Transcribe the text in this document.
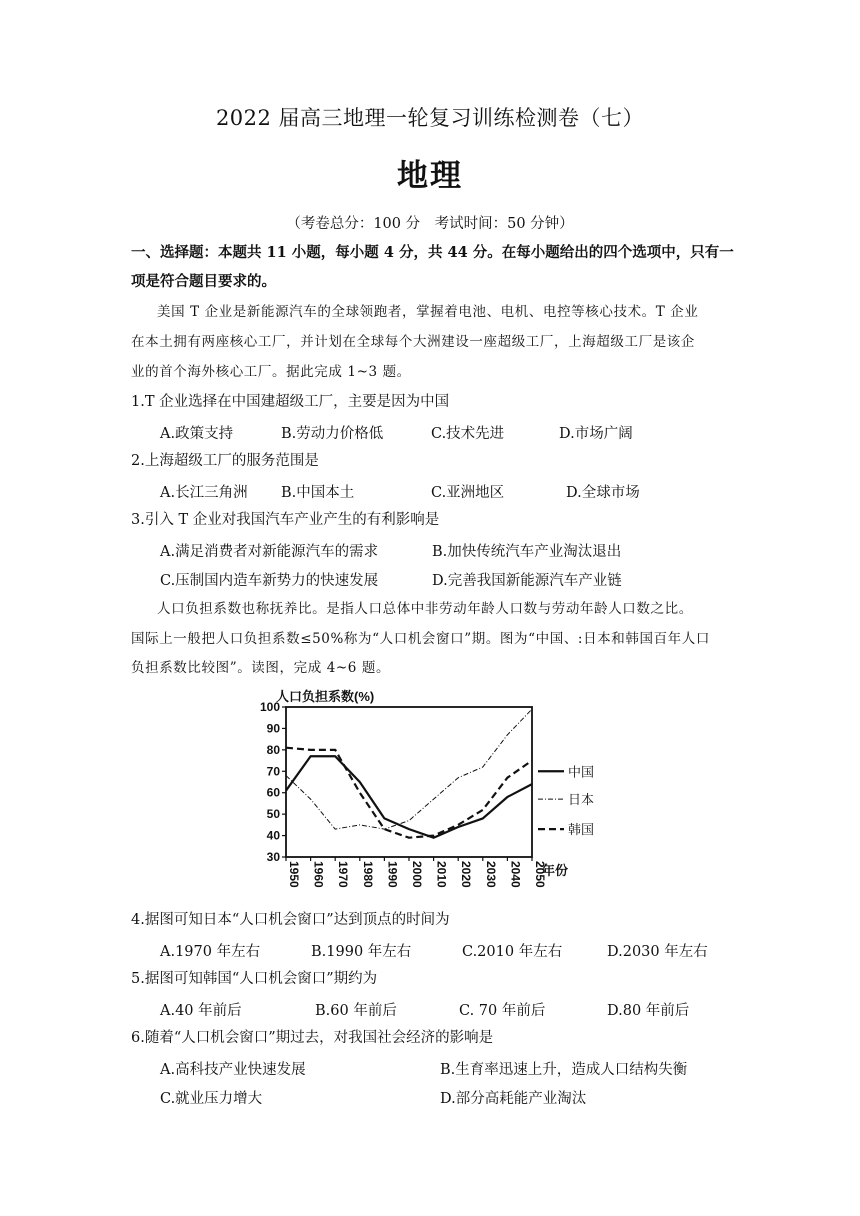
2022 届高三地理一轮复习训练检测卷（七）
地理
（考卷总分：100 分　考试时间：50 分钟）
一、选择题：本题共 11 小题，每小题 4 分，共 44 分。在每小题给出的四个选项中，只有一
项是符合题目要求的。
美国 T 企业是新能源汽车的全球领跑者，掌握着电池、电机、电控等核心技术。T 企业
在本土拥有两座核心工厂，并计划在全球每个大洲建设一座超级工厂，上海超级工厂是该企
业的首个海外核心工厂。据此完成 1~3 题。
1.T 企业选择在中国建超级工厂，主要是因为中国
A.政策支持	B.劳动力价格低	C.技术先进	D.市场广阔
2.上海超级工厂的服务范围是
A.长江三角洲 B.中国本土	C.亚洲地区	D.全球市场
3.引入 T 企业对我国汽车产业产生的有利影响是
A.满足消费者对新能源汽车的需求	B.加快传统汽车产业淘汰退出
C.压制国内造车新势力的快速发展	D.完善我国新能源汽车产业链
人口负担系数也称抚养比。是指人口总体中非劳动年龄人口数与劳动年龄人口数之比。
国际上一般把人口负担系数≤50%称为“人口机会窗口”期。图为“中国、:日本和韩国百年人口
负担系数比较图”。读图，完成 4~6 题。
30
40
50
60
70
80
90
100
1950 1960 1970 1980 1990 2000 2010 2020 2030 2040 2050
人口负担系数(%)
年份
中国
日本
韩国
4.据图可知日本“人口机会窗口”达到顶点的时间为
A.1970 年左右	B.1990 年左右	C.2010 年左右	D.2030 年左右
5.据图可知韩国“人口机会窗口”期约为
A.40 年前后	B.60 年前后	C. 70 年前后	D.80 年前后
6.随着“人口机会窗口”期过去，对我国社会经济的影响是
A.高科技产业快速发展	B.生育率迅速上升，造成人口结构失衡
C.就业压力增大	D.部分高耗能产业淘汰
